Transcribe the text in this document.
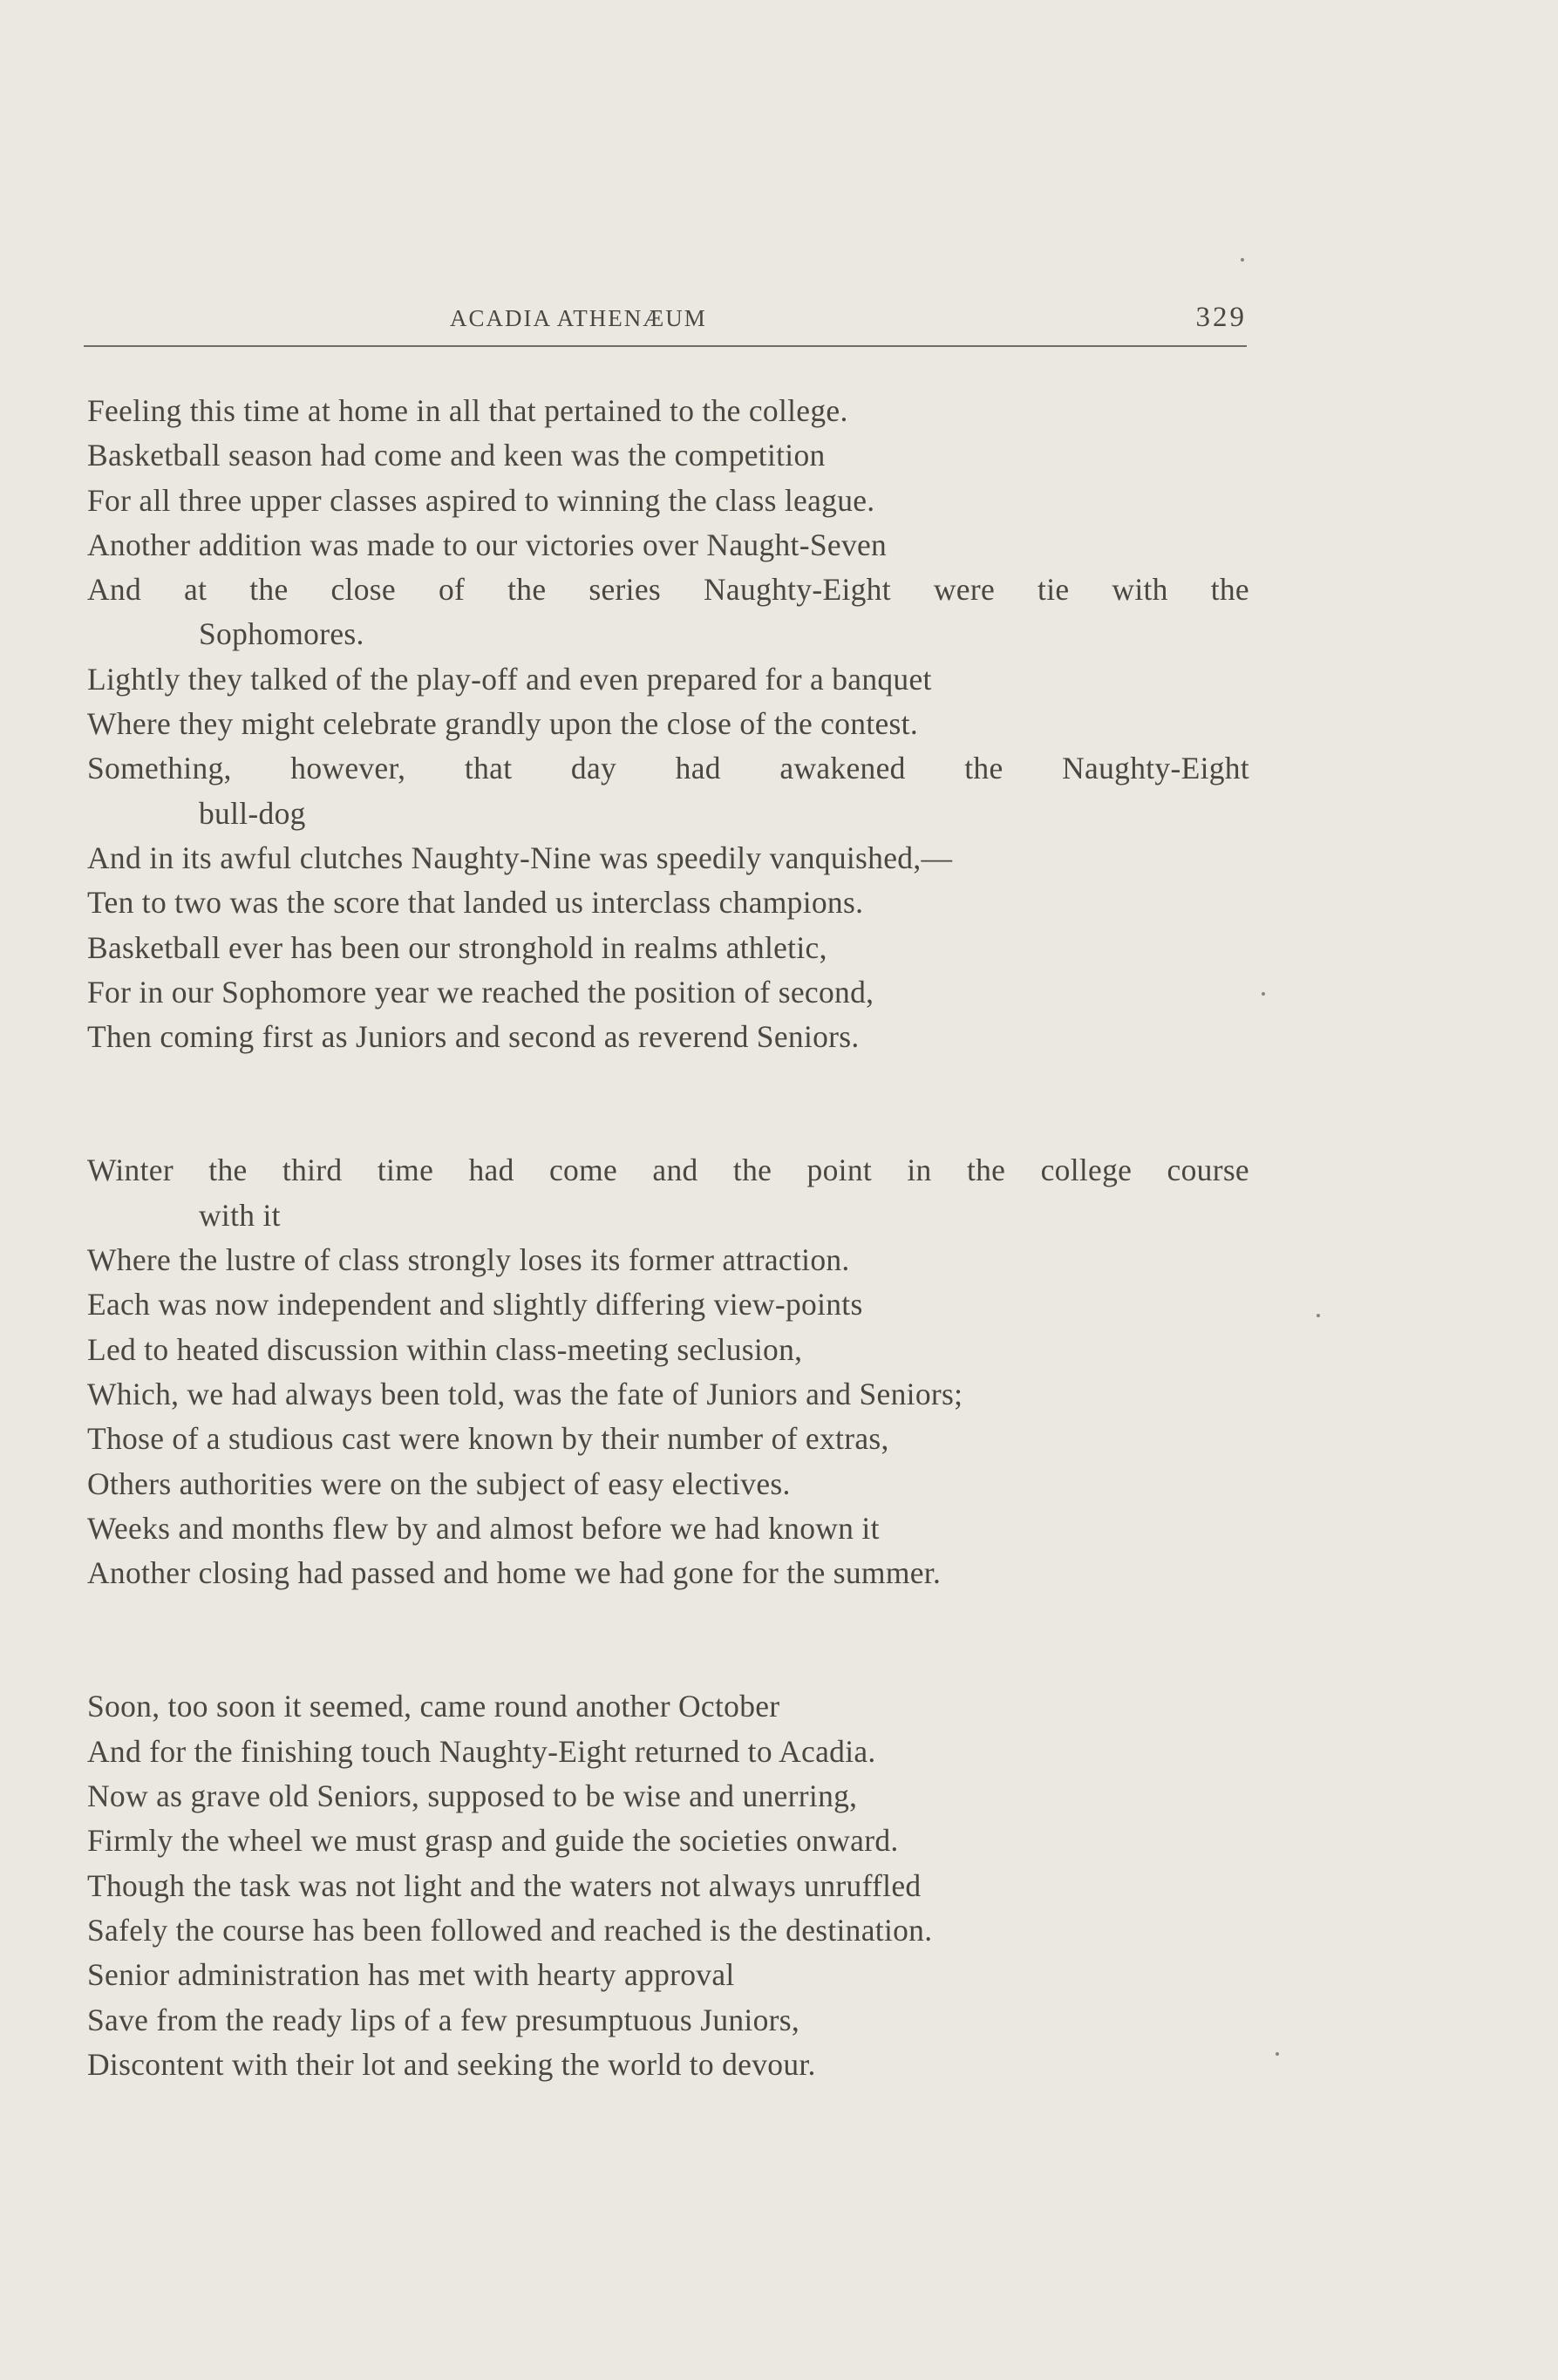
ACADIA ATHENÆUM	329
Feeling this time at home in all that pertained to the college.
Basketball season had come and keen was the competition
For all three upper classes aspired to winning the class league.
Another addition was made to our victories over Naught-Seven
And at the close of the series Naughty-Eight were tie with the
Sophomores.
Lightly they talked of the play-off and even prepared for a banquet
Where they might celebrate grandly upon the close of the contest.
Something, however, that day had awakened the Naughty-Eight
bull-dog
And in its awful clutches Naughty-Nine was speedily vanquished,—
Ten to two was the score that landed us interclass champions.
Basketball ever has been our stronghold in realms athletic,
For in our Sophomore year we reached the position of second,
Then coming first as Juniors and second as reverend Seniors.
Winter the third time had come and the point in the college course
with it
Where the lustre of class strongly loses its former attraction.
Each was now independent and slightly differing view-points
Led to heated discussion within class-meeting seclusion,
Which, we had always been told, was the fate of Juniors and Seniors;
Those of a studious cast were known by their number of extras,
Others authorities were on the subject of easy electives.
Weeks and months flew by and almost before we had known it
Another closing had passed and home we had gone for the summer.
Soon, too soon it seemed, came round another October
And for the finishing touch Naughty-Eight returned to Acadia.
Now as grave old Seniors, supposed to be wise and unerring,
Firmly the wheel we must grasp and guide the societies onward.
Though the task was not light and the waters not always unruffled
Safely the course has been followed and reached is the destination.
Senior administration has met with hearty approval
Save from the ready lips of a few presumptuous Juniors,
Discontent with their lot and seeking the world to devour.
